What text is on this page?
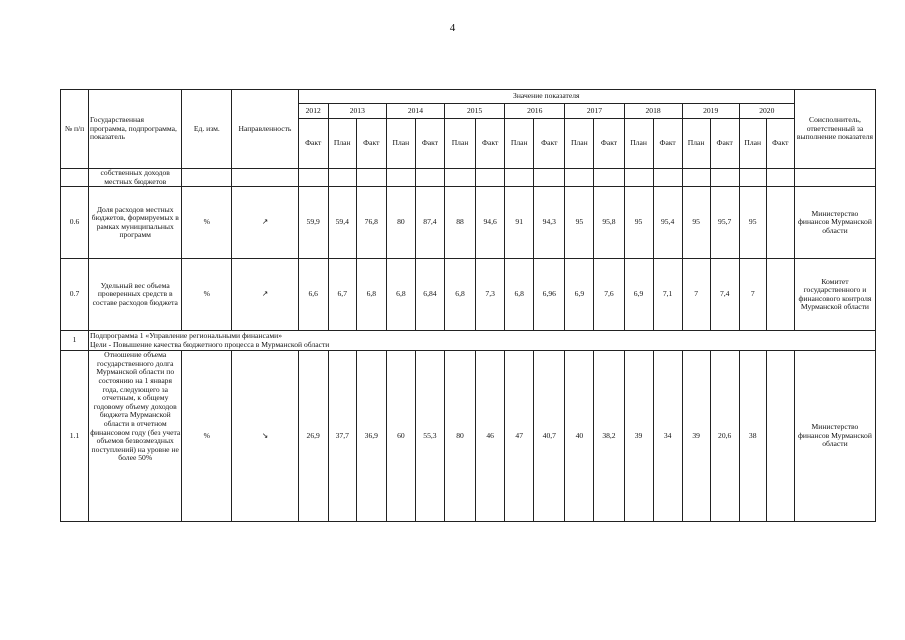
4
№ п/п	Государственная программа, подпрограмма, показатель	Ед. изм.	Направленность	Значение показателя																	Соисполнитель, ответственный за выполнение показателя
				2012	2013		2014		2015		2016		2017		2018		2019		2020		
				Факт	План	Факт	План	Факт	План	Факт	План	Факт	План	Факт	План	Факт	План	Факт	План	Факт	
	собственных доходов местных бюджетов																				
0.6	Доля расходов местных бюджетов, формируемых в рамках муниципальных программ	%	↗	59,9	59,4	76,8	80	87,4	88	94,6	91	94,3	95	95,8	95	95,4	95	95,7	95		Министерство финансов Мурманской области
0.7	Удельный вес объема проверенных средств в составе расходов бюджета	%	↗	6,6	6,7	6,8	6,8	6,84	6,8	7,3	6,8	6,96	6,9	7,6	6,9	7,1	7	7,4	7		Комитет государственного и финансового контроля Мурманской области
1	Подпрограмма 1 «Управление региональными финансами»
Цели - Повышение качества бюджетного процесса в Мурманской области																				

1.1	Отношение объема государственного долга Мурманской области по состоянию на 1 января года, следующего за отчетным, к общему годовому объему доходов бюджета Мурманской области в отчетном финансовом году (без учета объемов безвозмездных поступлений) на уровне не более 50%	%	↘	26,9	37,7	36,9	60	55,3	80	46	47	40,7	40	38,2	39	34	39	20,6	38		Министерство финансов Мурманской области
